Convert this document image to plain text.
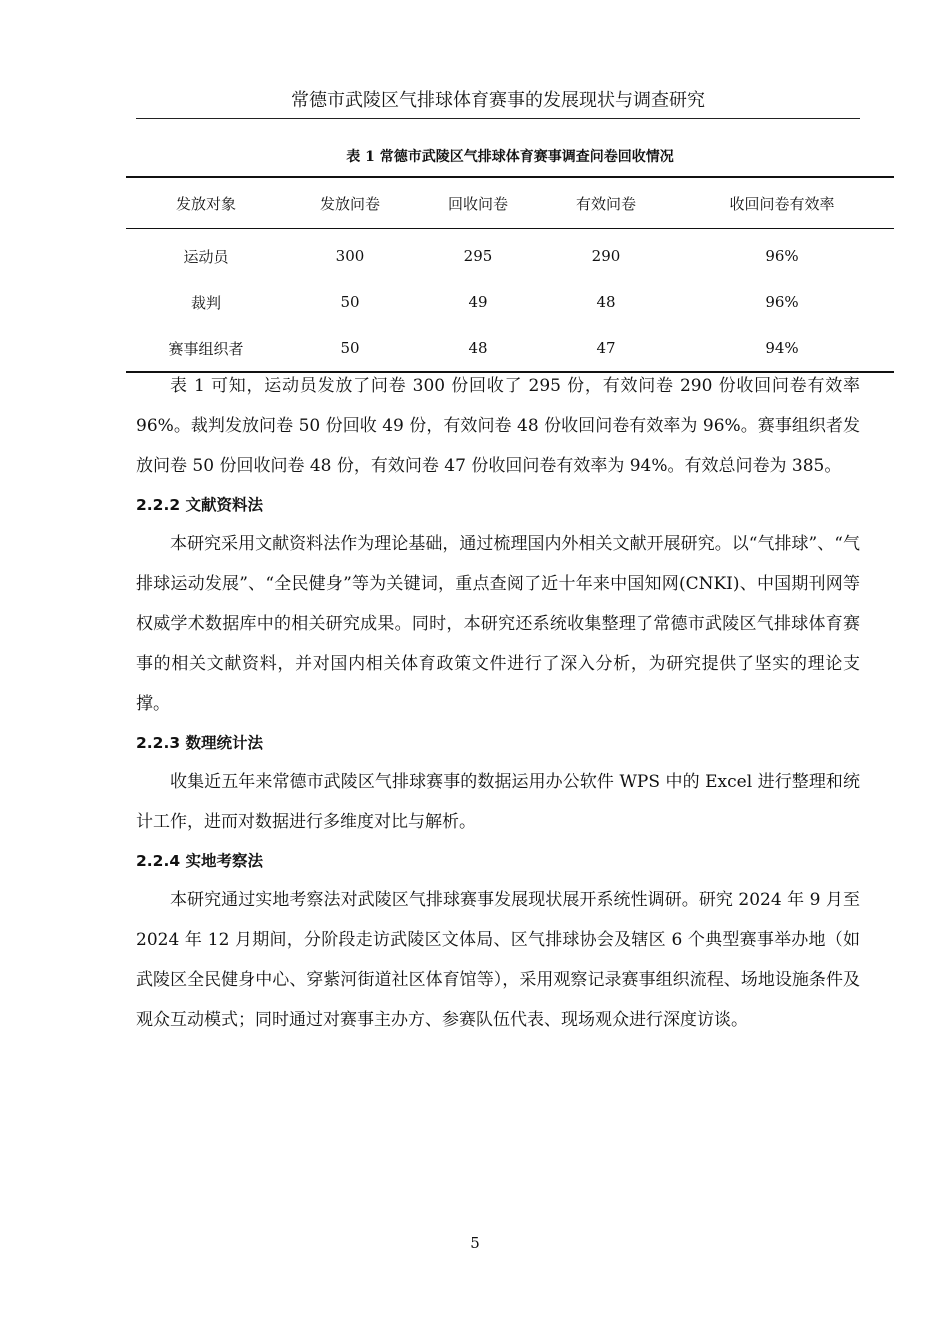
常德市武陵区气排球体育赛事的发展现状与调查研究
表 1 常德市武陵区气排球体育赛事调查问卷回收情况
发放对象	发放问卷	回收问卷	有效问卷	收回问卷有效率
运动员	300	295	290	96%
裁判	50	49	48	96%
赛事组织者	50	48	47	94%

表 1 可知，运动员发放了问卷 300 份回收了 295 份，有效问卷 290 份收回问卷有效率 96%。裁判发放问卷 50 份回收 49 份，有效问卷 48 份收回问卷有效率为 96%。赛事组织者发放问卷 50 份回收问卷 48 份，有效问卷 47 份收回问卷有效率为 94%。有效总问卷为 385。

2.2.2 文献资料法

本研究采用文献资料法作为理论基础，通过梳理国内外相关文献开展研究。以“气排球”、“气排球运动发展”、“全民健身”等为关键词，重点查阅了近十年来中国知网(CNKI)、中国期刊网等权威学术数据库中的相关研究成果。同时，本研究还系统收集整理了常德市武陵区气排球体育赛事的相关文献资料，并对国内相关体育政策文件进行了深入分析，为研究提供了坚实的理论支撑。

2.2.3 数理统计法

收集近五年来常德市武陵区气排球赛事的数据运用办公软件 WPS 中的 Excel 进行整理和统计工作，进而对数据进行多维度对比与解析。

2.2.4 实地考察法

本研究通过实地考察法对武陵区气排球赛事发展现状展开系统性调研。研究 2024 年 9 月至 2024 年 12 月期间，分阶段走访武陵区文体局、区气排球协会及辖区 6 个典型赛事举办地（如武陵区全民健身中心、穿紫河街道社区体育馆等），采用观察记录赛事组织流程、场地设施条件及观众互动模式；同时通过对赛事主办方、参赛队伍代表、现场观众进行深度访谈。

5
